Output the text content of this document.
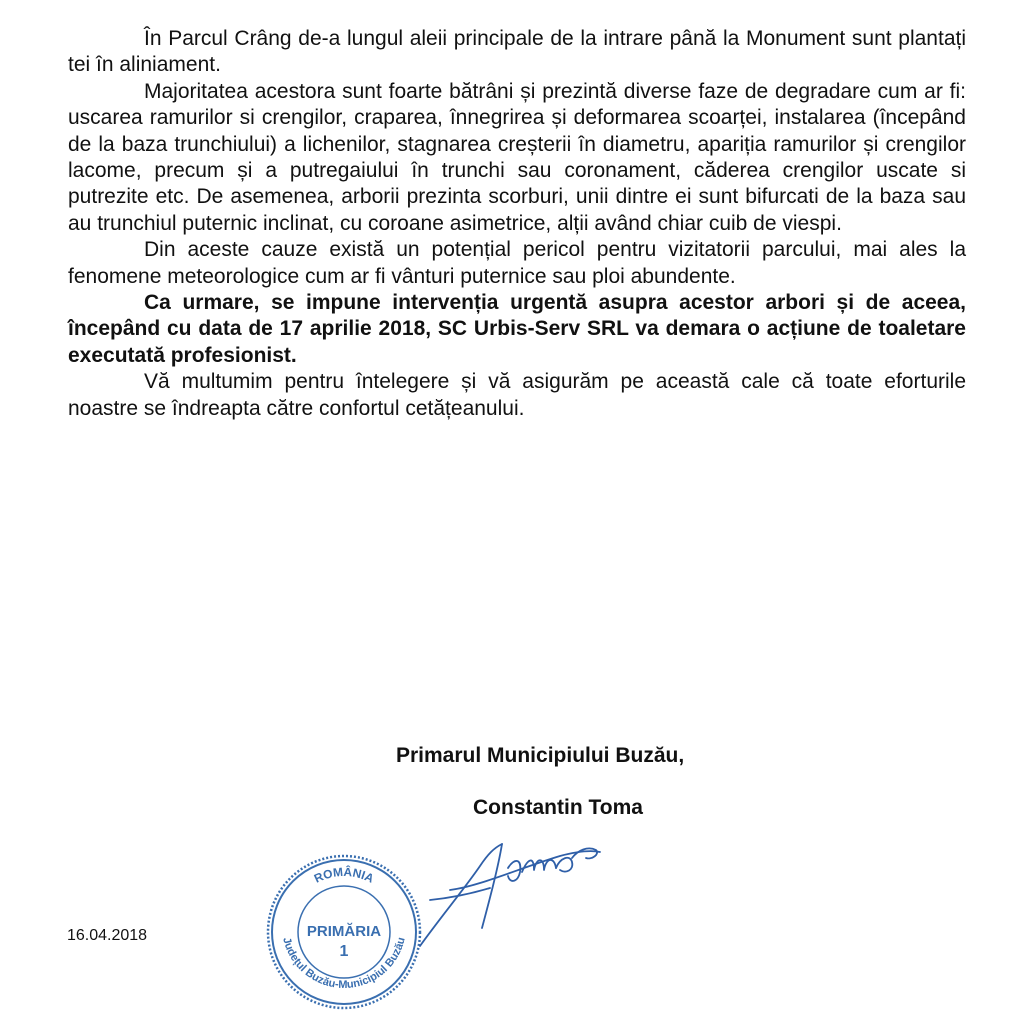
În Parcul Crâng de-a lungul aleii principale de la intrare până la Monument sunt plantați tei în aliniament.

Majoritatea acestora sunt foarte bătrâni și prezintă diverse faze de degradare cum ar fi: uscarea ramurilor si crengilor, craparea, înnegrirea și deformarea scoarței, instalarea (începând de la baza trunchiului) a lichenilor, stagnarea creșterii în diametru, apariția ramurilor și crengilor lacome, precum și a putregaiului în trunchi sau coronament, căderea crengilor uscate si putrezite etc. De asemenea, arborii prezinta scorburi, unii dintre ei sunt bifurcati de la baza sau au trunchiul puternic inclinat, cu coroane asimetrice, alții având chiar cuib de viespi.

Din aceste cauze există un potențial pericol pentru vizitatorii parcului, mai ales la fenomene meteorologice cum ar fi vânturi puternice sau ploi abundente.

Ca urmare, se impune intervenția urgentă asupra acestor arbori și de aceea, începând cu data de 17 aprilie 2018, SC Urbis-Serv SRL va demara o acțiune de toaletare executată profesionist.

Vă multumim pentru întelegere și vă asigurăm pe această cale că toate eforturile noastre se îndreapta către confortul cetățeanului.

Primarul Municipiului Buzău,
Constantin Toma
16.04.2018
ROMÂNIA
Județul Buzău-Municipiul Buzău
PRIMĂRIA
1
